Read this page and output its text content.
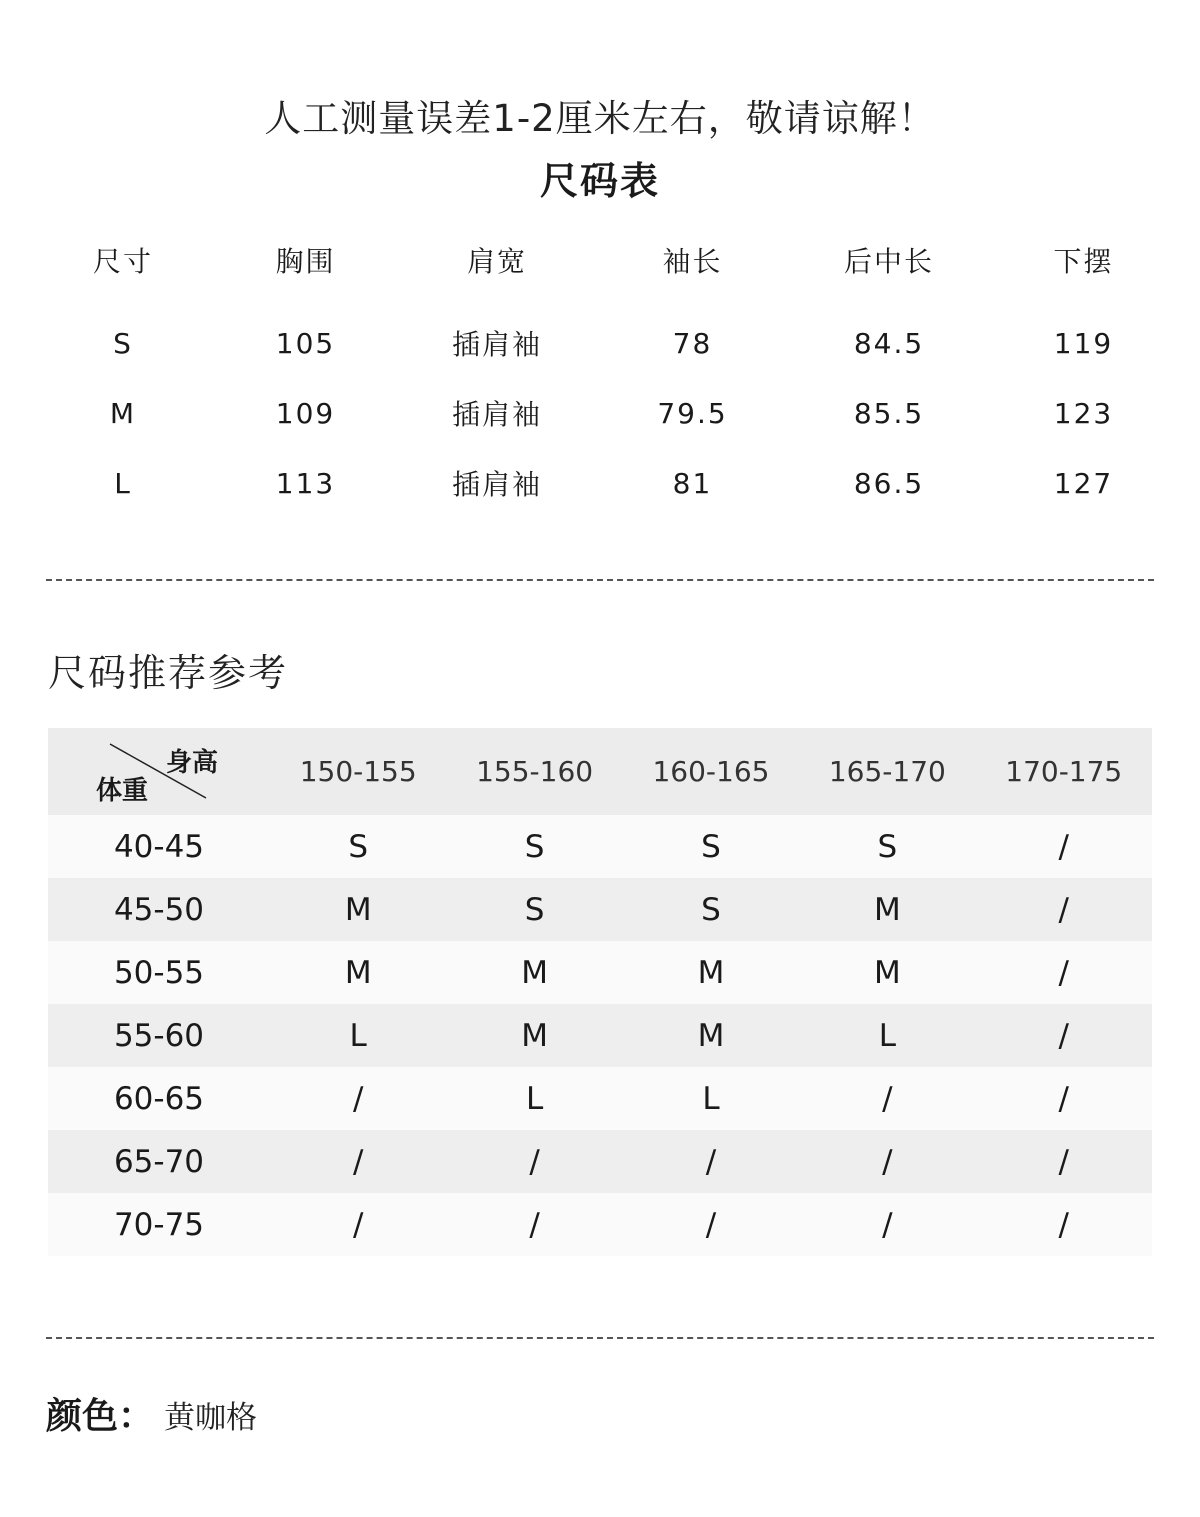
人工测量误差1-2厘米左右，敬请谅解！
尺码表
尺寸	胸围	肩宽	袖长	后中长	下摆
S	105	插肩袖	78	84.5	119
M	109	插肩袖	79.5	85.5	123
L	113	插肩袖	81	86.5	127
尺码推荐参考
身高
体重
150-155	155-160	160-165	165-170	170-175
40-45	S	S	S	S	/
45-50	M	S	S	M	/
50-55	M	M	M	M	/
55-60	L	M	M	L	/
60-65	/	L	L	/	/
65-70	/	/	/	/	/
70-75	/	/	/	/	/
颜色： 黄咖格
